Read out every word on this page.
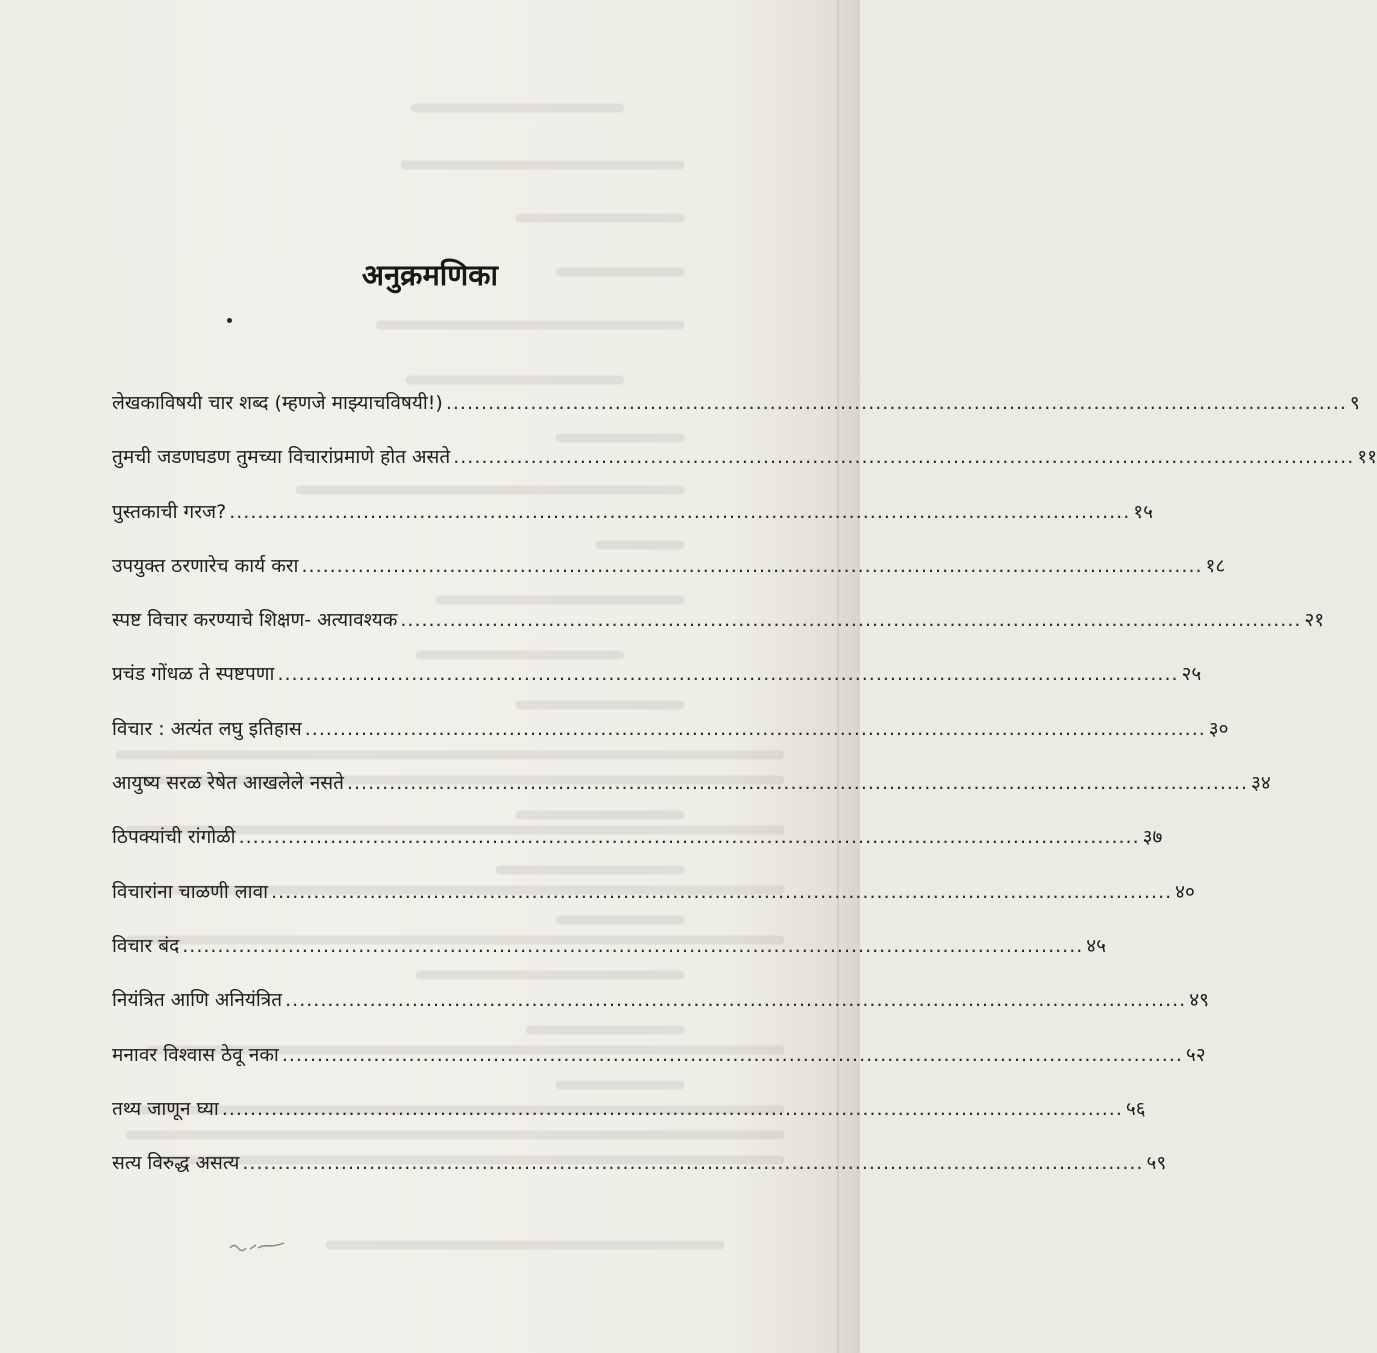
अनुक्रमणिका
लेखकाविषयी चार शब्द (म्हणजे माझ्याचविषयी!) ................................................................................................................................ ९
तुमची जडणघडण तुमच्या विचारांप्रमाणे होत असते ................................................................................................................................ ११
पुस्तकाची गरज? ................................................................................................................................ १५
उपयुक्त ठरणारेच कार्य करा ................................................................................................................................ १८
स्पष्ट विचार करण्याचे शिक्षण- अत्यावश्यक ................................................................................................................................ २१
प्रचंड गोंधळ ते स्पष्टपणा ................................................................................................................................ २५
विचार : अत्यंत लघु इतिहास ................................................................................................................................ ३०
आयुष्य सरळ रेषेत आखलेले नसते ................................................................................................................................ ३४
ठिपक्यांची रांगोळी ................................................................................................................................ ३७
विचारांना चाळणी लावा ................................................................................................................................ ४०
विचार बंद ................................................................................................................................ ४५
नियंत्रित आणि अनियंत्रित ................................................................................................................................ ४९
मनावर विश्वास ठेवू नका ................................................................................................................................ ५२
तथ्य जाणून घ्या ................................................................................................................................ ५६
सत्य विरुद्ध असत्य ................................................................................................................................ ५९
